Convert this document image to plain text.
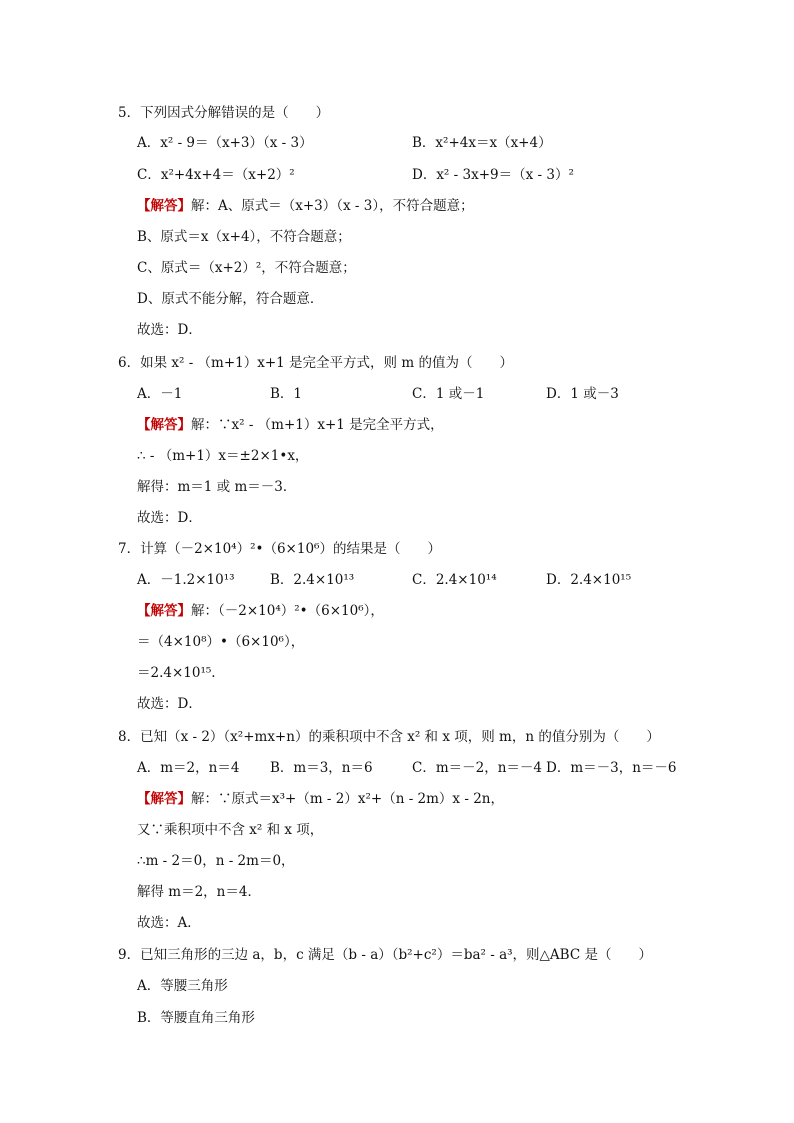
5．下列因式分解错误的是（　　）
A．x² - 9＝（x+3）（x - 3）	B．x²+4x＝x（x+4）
C．x²+4x+4＝（x+2）²	D．x² - 3x+9＝（x - 3）²
【解答】解：A、原式＝（x+3）（x - 3），不符合题意；
B、原式＝x（x+4），不符合题意；
C、原式＝（x+2）²，不符合题意；
D、原式不能分解，符合题意．
故选：D．
6．如果 x² - （m+1）x+1 是完全平方式，则 m 的值为（　　）
A．－1	B．1	C．1 或－1	D．1 或－3
【解答】解：∵x² - （m+1）x+1 是完全平方式，
∴ - （m+1）x＝±2×1•x，
解得：m＝1 或 m＝－3．
故选：D．
7．计算（－2×10⁴）²•（6×10⁶）的结果是（　　）
A．－1.2×10¹³	B．2.4×10¹³	C．2.4×10¹⁴	D．2.4×10¹⁵
【解答】解：（－2×10⁴）²•（6×10⁶），
＝（4×10⁸）•（6×10⁶），
＝2.4×10¹⁵.
故选：D．
8．已知（x - 2）（x²+mx+n）的乘积项中不含 x² 和 x 项，则 m，n 的值分别为（　　）
A．m＝2，n＝4 B．m＝3，n＝6	C．m＝－2，n＝－4 D．m＝－3，n＝－6
【解答】解：∵原式＝x³+（m - 2）x²+（n - 2m）x - 2n，
又∵乘积项中不含 x² 和 x 项，
∴m - 2＝0，n - 2m＝0，
解得 m＝2，n＝4．
故选：A．
9．已知三角形的三边 a，b，c 满足（b - a）（b²+c²）＝ba² - a³，则△ABC 是（　　）
A．等腰三角形
B．等腰直角三角形
